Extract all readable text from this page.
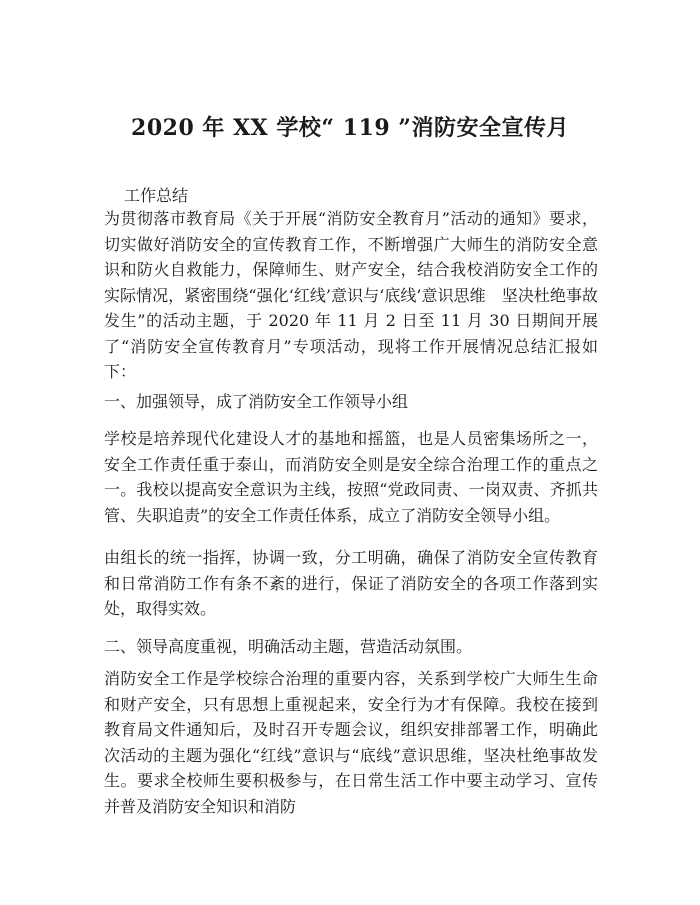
2020 年 XX 学校“ 119 ”消防安全宣传月
工作总结
为贯彻落市教育局《关于开展“消防安全教育月”活动的通知》要求，切实做好消防安全的宣传教育工作，不断增强广大师生的消防安全意识和防火自救能力，保障师生、财产安全，结合我校消防安全工作的实际情况，紧密围绕“强化‘红线’意识与‘底线’意识思维　坚决杜绝事故发生”的活动主题，于 2020 年 11 月 2 日至 11 月 30 日期间开展了“消防安全宣传教育月”专项活动，现将工作开展情况总结汇报如下：
一、加强领导，成了消防安全工作领导小组
学校是培养现代化建设人才的基地和摇篮，也是人员密集场所之一，安全工作责任重于泰山，而消防安全则是安全综合治理工作的重点之一。我校以提高安全意识为主线，按照“党政同责、一岗双责、齐抓共管、失职追责”的安全工作责任体系，成立了消防安全领导小组。
由组长的统一指挥，协调一致，分工明确，确保了消防安全宣传教育和日常消防工作有条不紊的进行，保证了消防安全的各项工作落到实处，取得实效。
二、领导高度重视，明确活动主题，营造活动氛围。
消防安全工作是学校综合治理的重要内容，关系到学校广大师生生命和财产安全，只有思想上重视起来，安全行为才有保障。我校在接到教育局文件通知后，及时召开专题会议，组织安排部署工作，明确此次活动的主题为强化“红线”意识与“底线”意识思维，坚决杜绝事故发生。要求全校师生要积极参与，在日常生活工作中要主动学习、宣传并普及消防安全知识和消防
